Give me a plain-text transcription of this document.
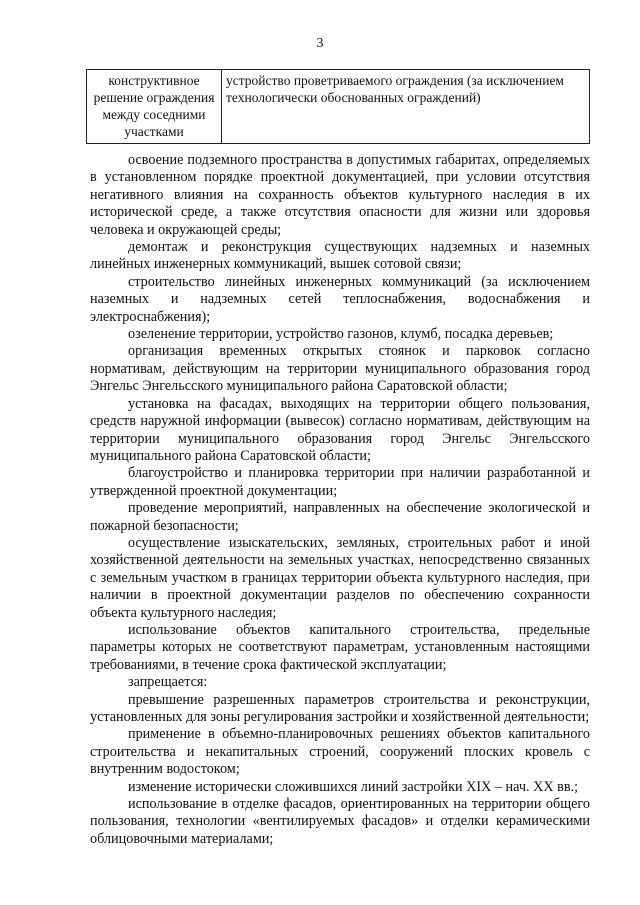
3
конструктивное решение ограждения между соседними участками	устройство проветриваемого ограждения (за исключением технологически обоснованных ограждений)

освоение подземного пространства в допустимых габаритах, определяемых в установленном порядке проектной документацией, при условии отсутствия негативного влияния на сохранность объектов культурного наследия в их исторической среде, а также отсутствия опасности для жизни или здоровья человека и окружающей среды;

демонтаж и реконструкция существующих надземных и наземных линейных инженерных коммуникаций, вышек сотовой связи;

строительство линейных инженерных коммуникаций (за исключением наземных и надземных сетей теплоснабжения, водоснабжения и электроснабжения);

озеленение территории, устройство газонов, клумб, посадка деревьев;

организация временных открытых стоянок и парковок согласно нормативам, действующим на территории муниципального образования город Энгельс Энгельсского муниципального района Саратовской области;

установка на фасадах, выходящих на территории общего пользования, средств наружной информации (вывесок) согласно нормативам, действующим на территории муниципального образования город Энгельс Энгельсского муниципального района Саратовской области;

благоустройство и планировка территории при наличии разработанной и утвержденной проектной документации;

проведение мероприятий, направленных на обеспечение экологической и пожарной безопасности;

осуществление изыскательских, земляных, строительных работ и иной хозяйственной деятельности на земельных участках, непосредственно связанных с земельным участком в границах территории объекта культурного наследия, при наличии в проектной документации разделов по обеспечению сохранности объекта культурного наследия;

использование объектов капитального строительства, предельные параметры которых не соответствуют параметрам, установленным настоящими требованиями, в течение срока фактической эксплуатации;

запрещается:

превышение разрешенных параметров строительства и реконструкции, установленных для зоны регулирования застройки и хозяйственной деятельности;

применение в объемно-планировочных решениях объектов капитального строительства и некапитальных строений, сооружений плоских кровель с внутренним водостоком;

изменение исторически сложившихся линий застройки XIX – нач. XX вв.;

использование в отделке фасадов, ориентированных на территории общего пользования, технологии «вентилируемых фасадов» и отделки керамическими облицовочными материалами;
